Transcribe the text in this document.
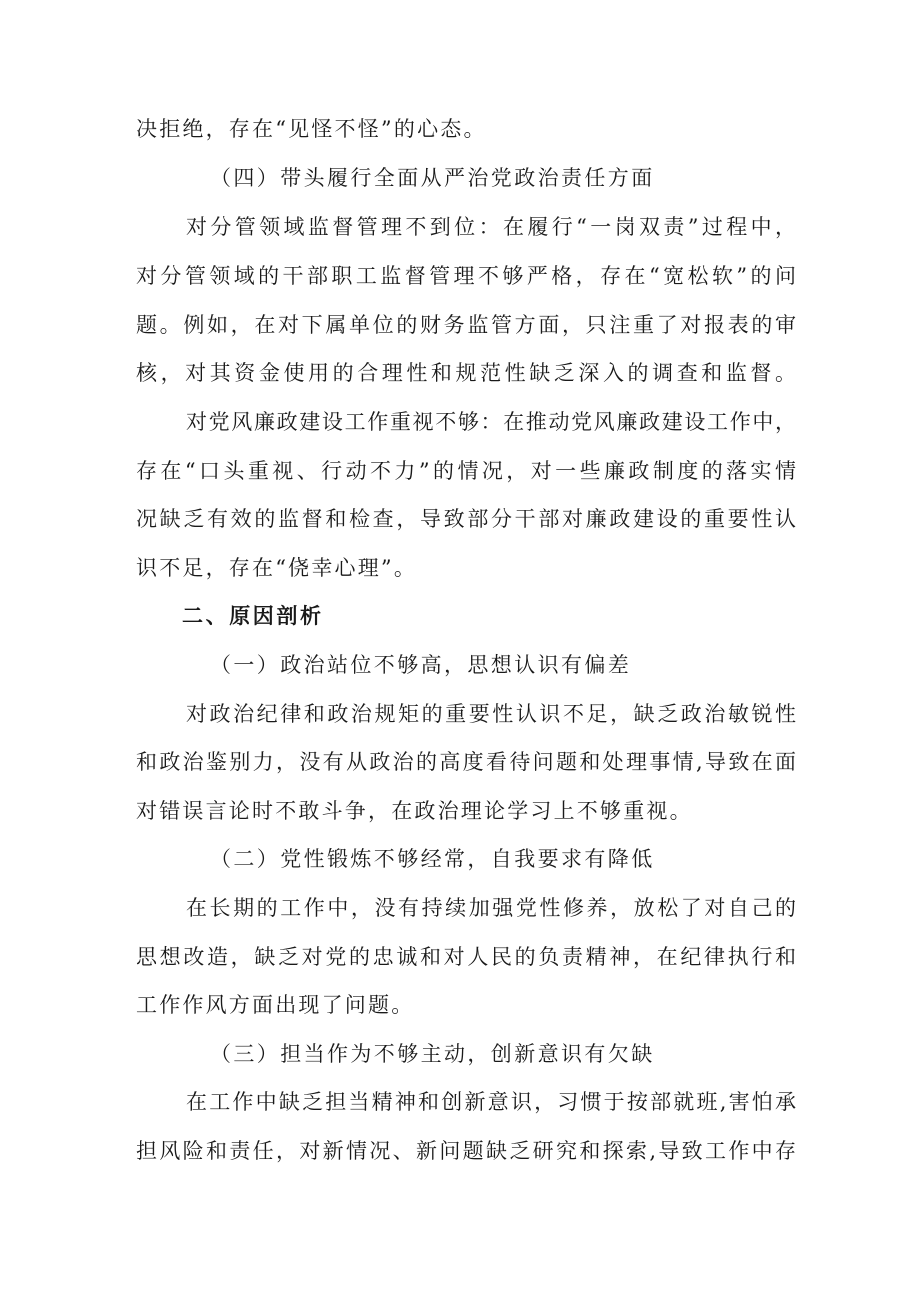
决拒绝，存在“见怪不怪”的心态。
（四）带头履行全面从严治党政治责任方面
对分管领域监督管理不到位：在履行“一岗双责”过程中，
对分管领域的干部职工监督管理不够严格，存在“宽松软”的问
题。例如，在对下属单位的财务监管方面，只注重了对报表的审
核，对其资金使用的合理性和规范性缺乏深入的调查和监督。
对党风廉政建设工作重视不够：在推动党风廉政建设工作中，
存在“口头重视、行动不力”的情况，对一些廉政制度的落实情
况缺乏有效的监督和检查，导致部分干部对廉政建设的重要性认
识不足，存在“侥幸心理”。
二、原因剖析
（一）政治站位不够高，思想认识有偏差
对政治纪律和政治规矩的重要性认识不足，缺乏政治敏锐性
和政治鉴别力，没有从政治的高度看待问题和处理事情,导致在面
对错误言论时不敢斗争，在政治理论学习上不够重视。
（二）党性锻炼不够经常，自我要求有降低
在长期的工作中，没有持续加强党性修养，放松了对自己的
思想改造，缺乏对党的忠诚和对人民的负责精神，在纪律执行和
工作作风方面出现了问题。
（三）担当作为不够主动，创新意识有欠缺
在工作中缺乏担当精神和创新意识，习惯于按部就班,害怕承
担风险和责任，对新情况、新问题缺乏研究和探索,导致工作中存
